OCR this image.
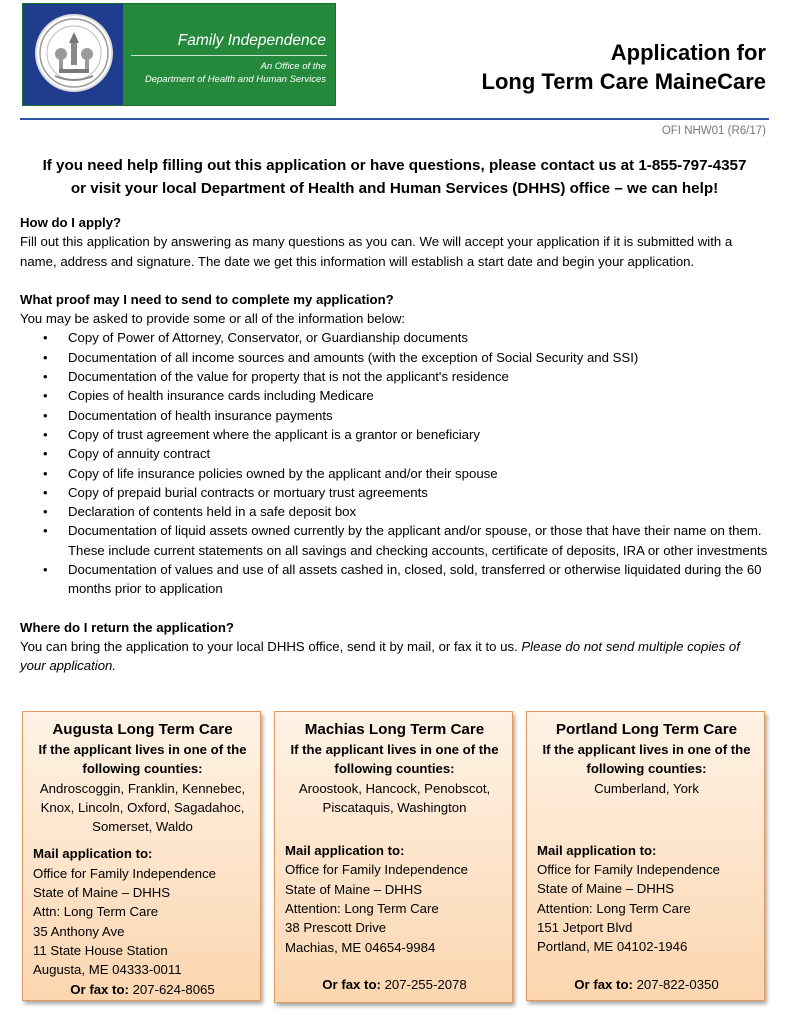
Family Independence
An Office of the
Department of Health and Human Services
Application for
Long Term Care MaineCare
OFI NHW01 (R6/17)
If you need help filling out this application or have questions, please contact us at 1-855-797-4357
or visit your local Department of Health and Human Services (DHHS) office – we can help!

How do I apply?

Fill out this application by answering as many questions as you can. We will accept your application if it is submitted with a name, address and signature. The date we get this information will establish a start date and begin your application.

What proof may I need to send to complete my application?

You may be asked to provide some or all of the information below:

• Copy of Power of Attorney, Conservator, or Guardianship documents
• Documentation of all income sources and amounts (with the exception of Social Security and SSI)
• Documentation of the value for property that is not the applicant's residence
• Copies of health insurance cards including Medicare
• Documentation of health insurance payments
• Copy of trust agreement where the applicant is a grantor or beneficiary
• Copy of annuity contract
• Copy of life insurance policies owned by the applicant and/or their spouse
• Copy of prepaid burial contracts or mortuary trust agreements
• Declaration of contents held in a safe deposit box
• Documentation of liquid assets owned currently by the applicant and/or spouse, or those that have their name on them. These include current statements on all savings and checking accounts, certificate of deposits, IRA or other investments
• Documentation of values and use of all assets cashed in, closed, sold, transferred or otherwise liquidated during the 60 months prior to application

Where do I return the application?

You can bring the application to your local DHHS office, send it by mail, or fax it to us. Please do not send multiple copies of your application.

Augusta Long Term Care
If the applicant lives in one of the following counties:
Androscoggin, Franklin, Kennebec, Knox, Lincoln, Oxford, Sagadahoc, Somerset, Waldo
Mail application to:
Office for Family Independence
State of Maine – DHHS
Attn: Long Term Care
35 Anthony Ave
11 State House Station
Augusta, ME 04333-0011
Or fax to: 207-624-8065
Machias Long Term Care
If the applicant lives in one of the following counties:
Aroostook, Hancock, Penobscot, Piscataquis, Washington
Mail application to:
Office for Family Independence
State of Maine – DHHS
Attention: Long Term Care
38 Prescott Drive
Machias, ME 04654-9984
Or fax to: 207-255-2078
Portland Long Term Care
If the applicant lives in one of the following counties:
Cumberland, York
Mail application to:
Office for Family Independence
State of Maine – DHHS
Attention: Long Term Care
151 Jetport Blvd
Portland, ME 04102-1946
Or fax to: 207-822-0350
